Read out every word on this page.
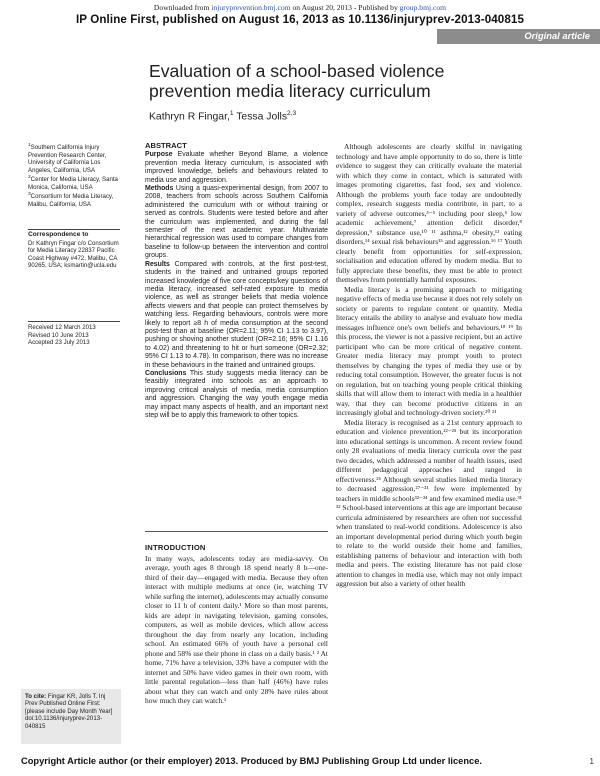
Downloaded from injuryprevention.bmj.com on August 20, 2013 - Published by group.bmj.com
IP Online First, published on August 16, 2013 as 10.1136/injuryprev-2013-040815
Original article
Evaluation of a school-based violence prevention media literacy curriculum
Kathryn R Fingar,$^1$ Tessa Jolls$^{2,3}$
$^1$Southern California Injury Prevention Research Center, University of California Los Angeles, California, USA
$^2$Center for Media Literacy, Santa Monica, California, USA
$^3$Consortium for Media Literacy, Malibu, California, USA
Correspondence to
Dr Kathryn Fingar c/o Consortium for Media Literacy 22837 Pacific Coast Highway #472, Malibu, CA 90265, USA; ksmartin@ucla.edu
Received 12 March 2013
Revised 10 June 2013
Accepted 23 July 2013
ABSTRACT

Purpose Evaluate whether Beyond Blame, a violence prevention media literacy curriculum, is associated with improved knowledge, beliefs and behaviours related to media use and aggression.

Methods Using a quasi-experimental design, from 2007 to 2008, teachers from schools across Southern California administered the curriculum with or without training or served as controls. Students were tested before and after the curriculum was implemented, and during the fall semester of the next academic year. Multivariate hierarchical regression was used to compare changes from baseline to follow-up between the intervention and control groups.

Results Compared with controls, at the first post-test, students in the trained and untrained groups reported increased knowledge of five core concepts/key questions of media literacy, increased self-rated exposure to media violence, as well as stronger beliefs that media violence affects viewers and that people can protect themselves by watching less. Regarding behaviours, controls were more likely to report ≥8 h of media consumption at the second post-test than at baseline (OR=2.11; 95% CI 1.13 to 3.97), pushing or shoving another student (OR=2.16; 95% CI 1.16 to 4.02) and threatening to hit or hurt someone (OR=2.32; 95% CI 1.13 to 4.78). In comparison, there was no increase in these behaviours in the trained and untrained groups.

Conclusions This study suggests media literacy can be feasibly integrated into schools as an approach to improving critical analysis of media, media consumption and aggression. Changing the way youth engage media may impact many aspects of health, and an important next step will be to apply this framework to other topics.

INTRODUCTION

In many ways, adolescents today are media-savvy. On average, youth ages 8 through 18 spend nearly 8 h—one-third of their day—engaged with media. Because they often interact with multiple mediums at once (ie, watching TV while surfing the internet), adolescents may actually consume closer to 11 h of content daily.¹ More so than most parents, kids are adept in navigating television, gaming consoles, computers, as well as mobile devices, which allow access throughout the day from nearly any location, including school. An estimated 66% of youth have a personal cell phone and 58% use their phone in class on a daily basis.¹ ² At home, 71% have a television, 33% have a computer with the internet and 50% have video games in their own room, with little parental regulation—less than half (46%) have rules about what they can watch and only 28% have rules about how much they can watch.¹

Although adolescents are clearly skilful in navigating technology and have ample opportunity to do so, there is little evidence to suggest they can critically evaluate the material with which they come in contact, which is saturated with images promoting cigarettes, fast food, sex and violence. Although the problems youth face today are undoubtedly complex, research suggests media contribute, in part, to a variety of adverse outcomes,³⁻⁵ including poor sleep,⁶ low academic achievement,⁷ attention deficit disorder,⁸ depression,⁹ substance use,¹⁰ ¹¹ asthma,¹² obesity,¹³ eating disorders,¹⁴ sexual risk behaviours¹⁵ and aggression.¹⁶ ¹⁷ Youth clearly benefit from opportunities for self-expression, socialisation and education offered by modern media. But to fully appreciate these benefits, they must be able to protect themselves from potentially harmful exposures.

Media literacy is a promising approach to mitigating negative effects of media use because it does not rely solely on society or parents to regulate content or quantity. Media literacy entails the ability to analyse and evaluate how media messages influence one's own beliefs and behaviours.¹⁸ ¹⁹ In this process, the viewer is not a passive recipient, but an active participant who can be more critical of negative content. Greater media literacy may prompt youth to protect themselves by changing the types of media they use or by reducing total consumption. However, the greater focus is not on regulation, but on teaching young people critical thinking skills that will allow them to interact with media in a healthier way, that they can become productive citizens in an increasingly global and technology-driven society.²⁰ ²¹

Media literacy is recognised as a 21st century approach to education and violence prevention,²²⁻²⁵ but its incorporation into educational settings is uncommon. A recent review found only 28 evaluations of media literacy curricula over the past two decades, which addressed a number of health issues, used different pedagogical approaches and ranged in effectiveness.²⁶ Although several studies linked media literacy to decreased aggression,²⁷⁻³¹ few were implemented by teachers in middle schools³²⁻³⁴ and few examined media use.³¹ ³² School-based interventions at this age are important because curricula administered by researchers are often not successful when translated to real-world conditions. Adolescence is also an important developmental period during which youth begin to relate to the world outside their home and families, establishing patterns of behaviour and interaction with both media and peers. The existing literature has not paid close attention to changes in media use, which may not only impact aggression but also a variety of other health

To cite: Fingar KR, Jolls T. Inj Prev Published Online First: [please include Day Month Year] doi:10.1136/injuryprev-2013-040815
Copyright Article author (or their employer) 2013. Produced by BMJ Publishing Group Ltd under licence.	1
